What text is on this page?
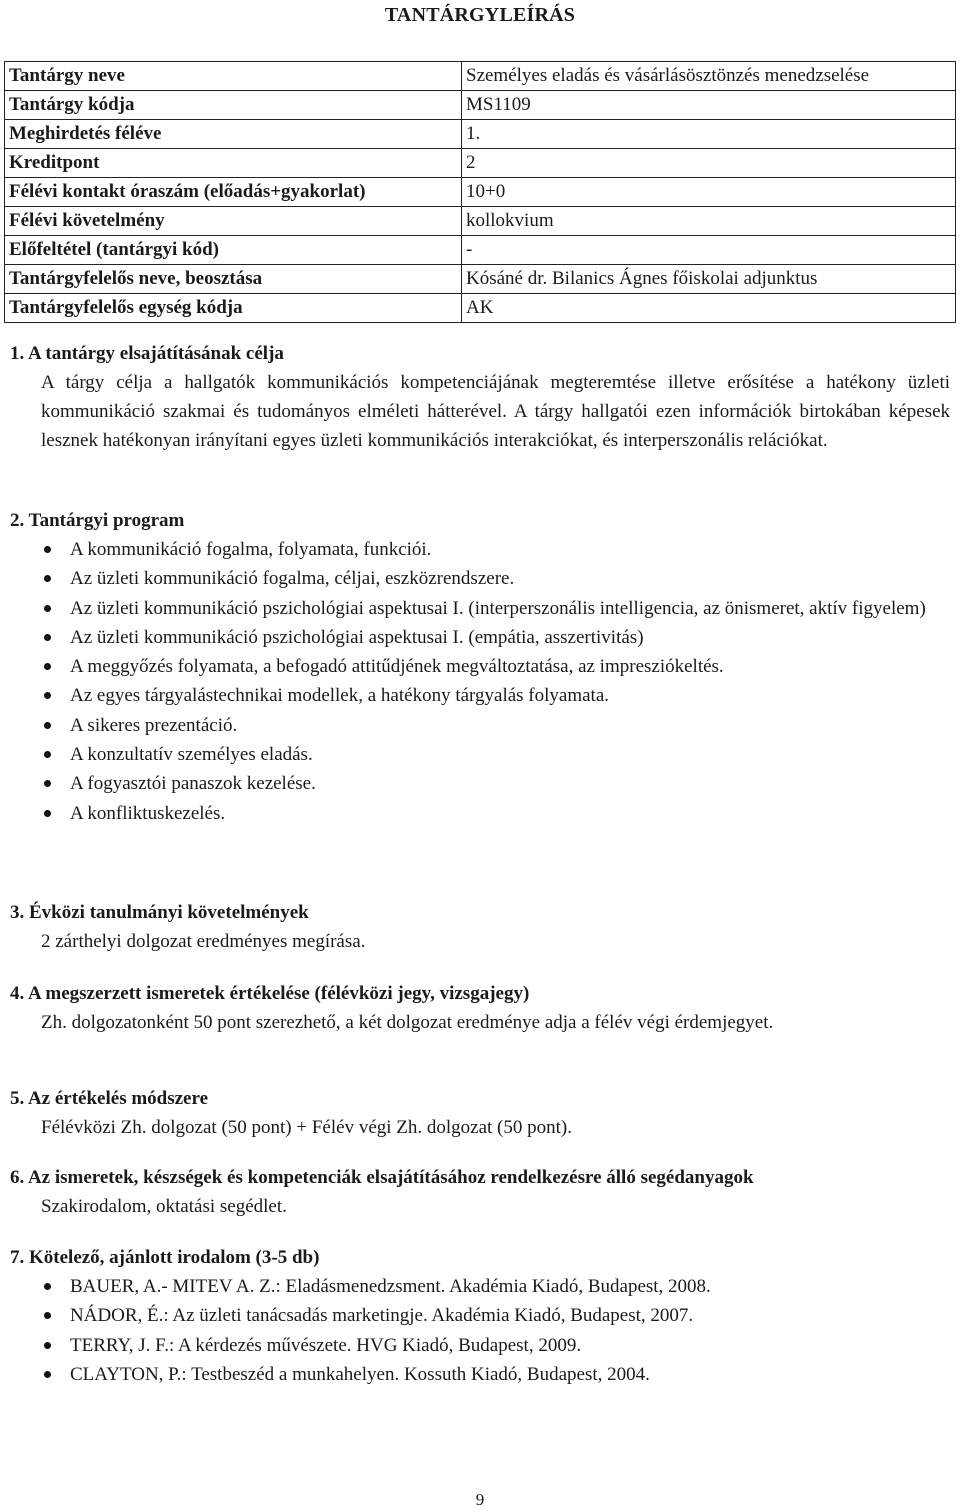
TANTÁRGYLEÍRÁS
Tantárgy neve	Személyes eladás és vásárlásösztönzés menedzselése
Tantárgy kódja	MS1109
Meghirdetés féléve	1.
Kreditpont	2
Félévi kontakt óraszám (előadás+gyakorlat)	10+0
Félévi követelmény	kollokvium
Előfeltétel (tantárgyi kód)	-
Tantárgyfelelős neve, beosztása	Kósáné dr. Bilanics Ágnes főiskolai adjunktus
Tantárgyfelelős egység kódja	AK
1. A tantárgy elsajátításának célja
A tárgy célja a hallgatók kommunikációs kompetenciájának megteremtése illetve erősítése a hatékony üzleti kommunikáció szakmai és tudományos elméleti hátterével. A tárgy hallgatói ezen információk birtokában képesek lesznek hatékonyan irányítani egyes üzleti kommunikációs interakciókat, és interperszonális relációkat.
2. Tantárgyi program
A kommunikáció fogalma, folyamata, funkciói.
Az üzleti kommunikáció fogalma, céljai, eszközrendszere.
Az üzleti kommunikáció pszichológiai aspektusai I. (interperszonális intelligencia, az önismeret, aktív figyelem)
Az üzleti kommunikáció pszichológiai aspektusai I. (empátia, asszertivitás)
A meggyőzés folyamata, a befogadó attitűdjének megváltoztatása, az impresziókeltés.
Az egyes tárgyalástechnikai modellek, a hatékony tárgyalás folyamata.
A sikeres prezentáció.
A konzultatív személyes eladás.
A fogyasztói panaszok kezelése.
A konfliktuskezelés.
3. Évközi tanulmányi követelmények
2 zárthelyi dolgozat eredményes megírása.
4. A megszerzett ismeretek értékelése (félévközi jegy, vizsgajegy)
Zh. dolgozatonként 50 pont szerezhető, a két dolgozat eredménye adja a félév végi érdemjegyet.
5. Az értékelés módszere
Félévközi Zh. dolgozat (50 pont) + Félév végi Zh. dolgozat (50 pont).
6. Az ismeretek, készségek és kompetenciák elsajátításához rendelkezésre álló segédanyagok
Szakirodalom, oktatási segédlet.
7. Kötelező, ajánlott irodalom (3-5 db)
BAUER, A.- MITEV A. Z.: Eladásmenedzsment. Akadémia Kiadó, Budapest, 2008.
NÁDOR, É.: Az üzleti tanácsadás marketingje. Akadémia Kiadó, Budapest, 2007.
TERRY, J. F.: A kérdezés művészete. HVG Kiadó, Budapest, 2009.
CLAYTON, P.: Testbeszéd a munkahelyen. Kossuth Kiadó, Budapest, 2004.
9
